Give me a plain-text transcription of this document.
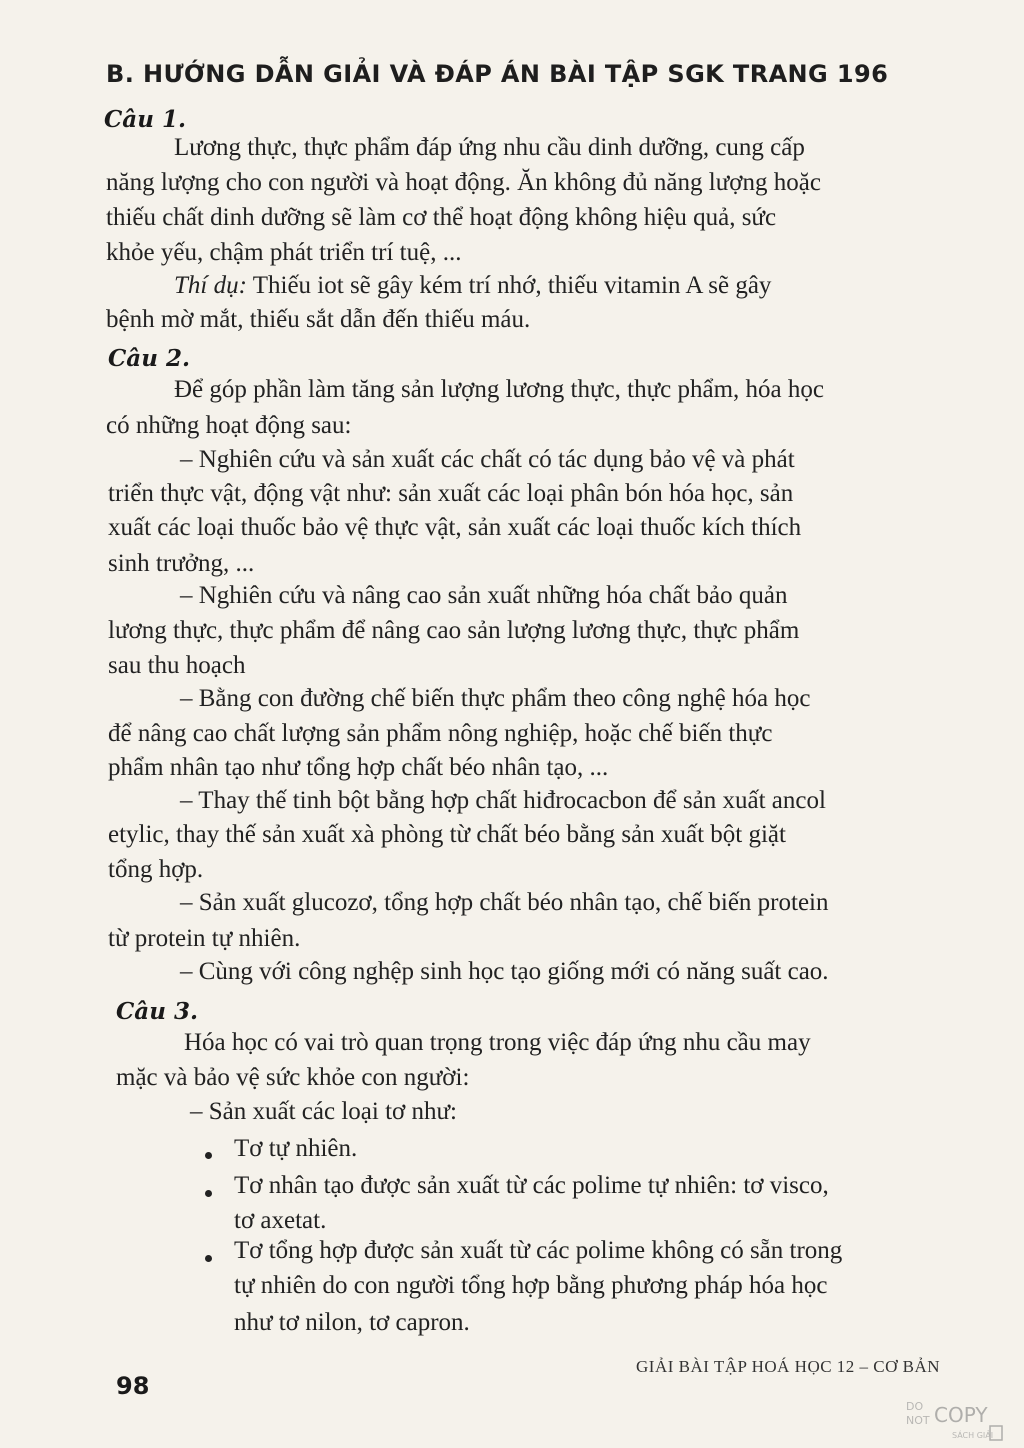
B. HƯỚNG DẪN GIẢI VÀ ĐÁP ÁN BÀI TẬP SGK TRANG 196
Câu 1.
Lương thực, thực phẩm đáp ứng nhu cầu dinh dưỡng, cung cấp
năng lượng cho con người và hoạt động. Ăn không đủ năng lượng hoặc
thiếu chất dinh dưỡng sẽ làm cơ thể hoạt động không hiệu quả, sức
khỏe yếu, chậm phát triển trí tuệ, ...
Thí dụ: Thiếu iot sẽ gây kém trí nhớ, thiếu vitamin A sẽ gây
bệnh mờ mắt, thiếu sắt dẫn đến thiếu máu.
Câu 2.
Để góp phần làm tăng sản lượng lương thực, thực phẩm, hóa học
có những hoạt động sau:
– Nghiên cứu và sản xuất các chất có tác dụng bảo vệ và phát
triển thực vật, động vật như: sản xuất các loại phân bón hóa học, sản
xuất các loại thuốc bảo vệ thực vật, sản xuất các loại thuốc kích thích
sinh trưởng, ...
– Nghiên cứu và nâng cao sản xuất những hóa chất bảo quản
lương thực, thực phẩm để nâng cao sản lượng lương thực, thực phẩm
sau thu hoạch
– Bằng con đường chế biến thực phẩm theo công nghệ hóa học
để nâng cao chất lượng sản phẩm nông nghiệp, hoặc chế biến thực
phẩm nhân tạo như tổng hợp chất béo nhân tạo, ...
– Thay thế tinh bột bằng hợp chất hiđrocacbon để sản xuất ancol
etylic, thay thế sản xuất xà phòng từ chất béo bằng sản xuất bột giặt
tổng hợp.
– Sản xuất glucozơ, tổng hợp chất béo nhân tạo, chế biến protein
từ protein tự nhiên.
– Cùng với công nghệp sinh học tạo giống mới có năng suất cao.
Câu 3.
Hóa học có vai trò quan trọng trong việc đáp ứng nhu cầu may
mặc và bảo vệ sức khỏe con người:
– Sản xuất các loại tơ như:
Tơ tự nhiên.
Tơ nhân tạo được sản xuất từ các polime tự nhiên: tơ visco,
tơ axetat.
Tơ tổng hợp được sản xuất từ các polime không có sẵn trong
tự nhiên do con người tổng hợp bằng phương pháp hóa học
như tơ nilon, tơ capron.
98
GIẢI BÀI TẬP HOÁ HỌC 12 – CƠ BẢN
DO
NOT COPY
SÁCH GIẢI
